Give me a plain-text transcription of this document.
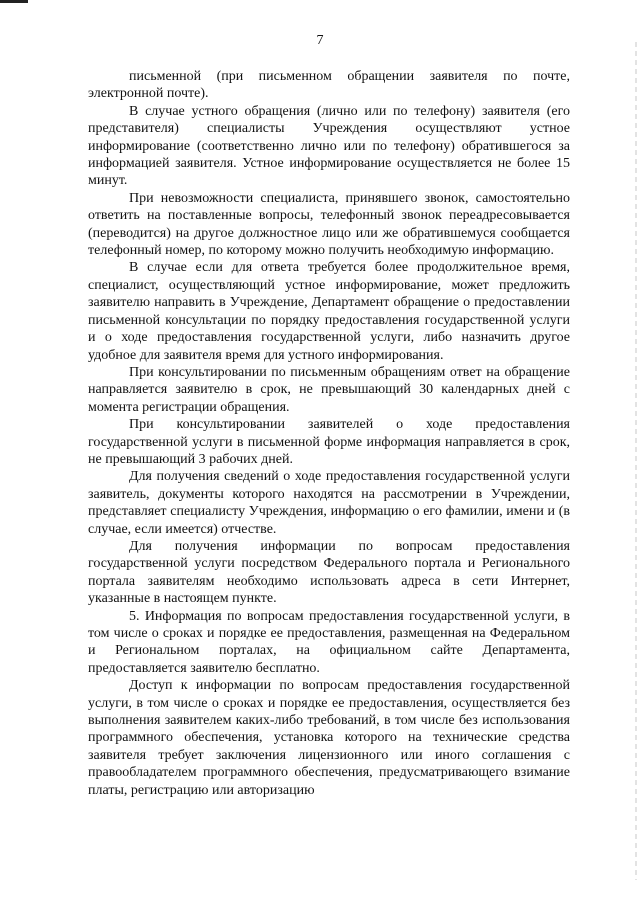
7

письменной (при письменном обращении заявителя по почте, электронной почте).

В случае устного обращения (лично или по телефону) заявителя (его представителя) специалисты Учреждения осуществляют устное информирование (соответственно лично или по телефону) обратившегося за информацией заявителя. Устное информирование осуществляется не более 15 минут.

При невозможности специалиста, принявшего звонок, самостоятельно ответить на поставленные вопросы, телефонный звонок переадресовывается (переводится) на другое должностное лицо или же обратившемуся сообщается телефонный номер, по которому можно получить необходимую информацию.

В случае если для ответа требуется более продолжительное время, специалист, осуществляющий устное информирование, может предложить заявителю направить в Учреждение, Департамент обращение о предоставлении письменной консультации по порядку предоставления государственной услуги и о ходе предоставления государственной услуги, либо назначить другое удобное для заявителя время для устного информирования.

При консультировании по письменным обращениям ответ на обращение направляется заявителю в срок, не превышающий 30 календарных дней с момента регистрации обращения.

При консультировании заявителей о ходе предоставления государственной услуги в письменной форме информация направляется в срок, не превышающий 3 рабочих дней.

Для получения сведений о ходе предоставления государственной услуги заявитель, документы которого находятся на рассмотрении в Учреждении, представляет специалисту Учреждения, информацию о его фамилии, имени и (в случае, если имеется) отчестве.

Для получения информации по вопросам предоставления государственной услуги посредством Федерального портала и Регионального портала заявителям необходимо использовать адреса в сети Интернет, указанные в настоящем пункте.

5. Информация по вопросам предоставления государственной услуги, в том числе о сроках и порядке ее предоставления, размещенная на Федеральном и Региональном порталах, на официальном сайте Департамента, предоставляется заявителю бесплатно.

Доступ к информации по вопросам предоставления государственной услуги, в том числе о сроках и порядке ее предоставления, осуществляется без выполнения заявителем каких-либо требований, в том числе без использования программного обеспечения, установка которого на технические средства заявителя требует заключения лицензионного или иного соглашения с правообладателем программного обеспечения, предусматривающего взимание платы, регистрацию или авторизацию
